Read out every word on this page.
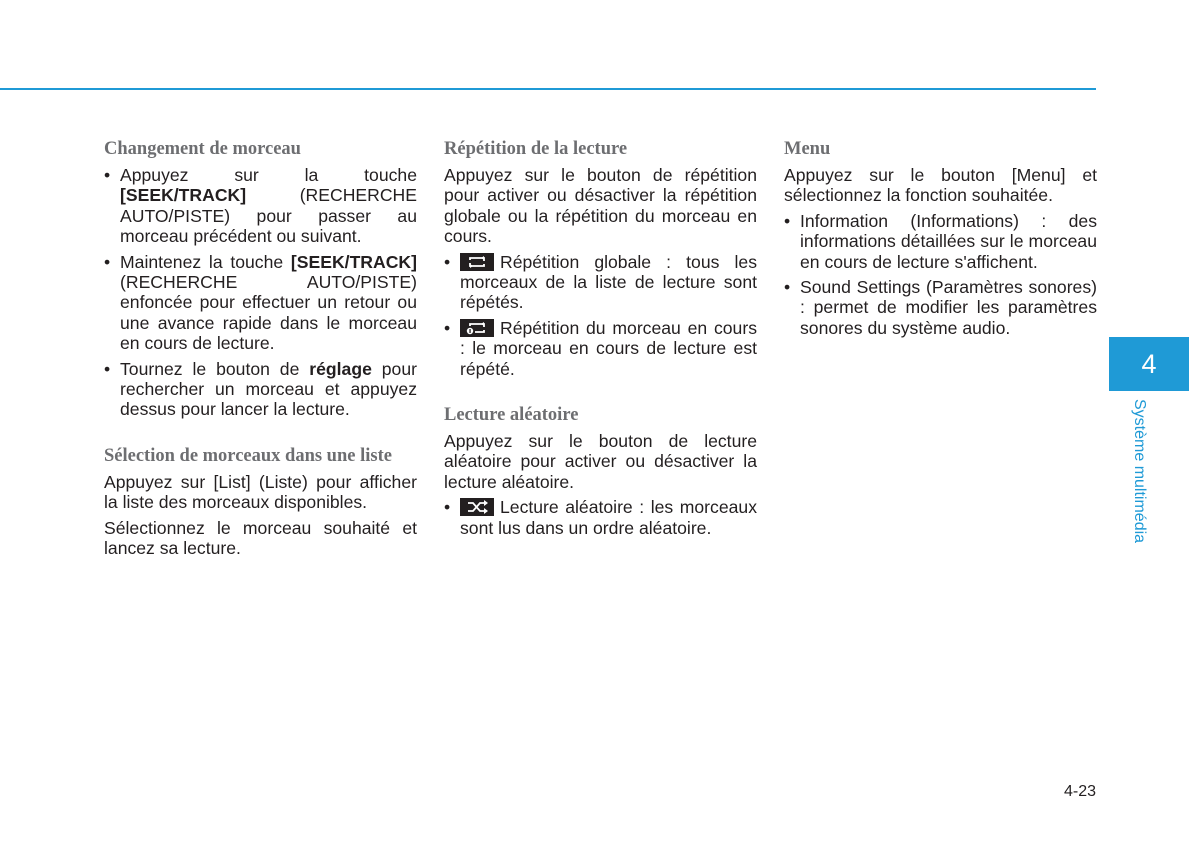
Changement de morceau
• Appuyez sur la touche [SEEK/TRACK] (RECHERCHE AUTO/PISTE) pour passer au morceau précédent ou suivant.
• Maintenez la touche [SEEK/TRACK] (RECHERCHE AUTO/PISTE) enfoncée pour effectuer un retour ou une avance rapide dans le morceau en cours de lecture.
• Tournez le bouton de réglage pour rechercher un morceau et appuyez dessus pour lancer la lecture.
Sélection de morceaux dans une liste

Appuyez sur [List] (Liste) pour afficher la liste des morceaux disponibles.

Sélectionnez le morceau souhaité et lancez sa lecture.

Répétition de la lecture

Appuyez sur le bouton de répétition pour activer ou désactiver la répétition globale ou la répétition du morceau en cours.

• Répétition globale : tous les morceaux de la liste de lecture sont répétés.
• Répétition du morceau en cours : le morceau en cours de lecture est répété.
Lecture aléatoire

Appuyez sur le bouton de lecture aléatoire pour activer ou désactiver la lecture aléatoire.

• Lecture aléatoire : les morceaux sont lus dans un ordre aléatoire.
Menu

Appuyez sur le bouton [Menu] et sélectionnez la fonction souhaitée.

• Information (Informations) : des informations détaillées sur le morceau en cours de lecture s'affichent.
• Sound Settings (Paramètres sonores) : permet de modifier les paramètres sonores du système audio.
4
Système multimédia
4-23
